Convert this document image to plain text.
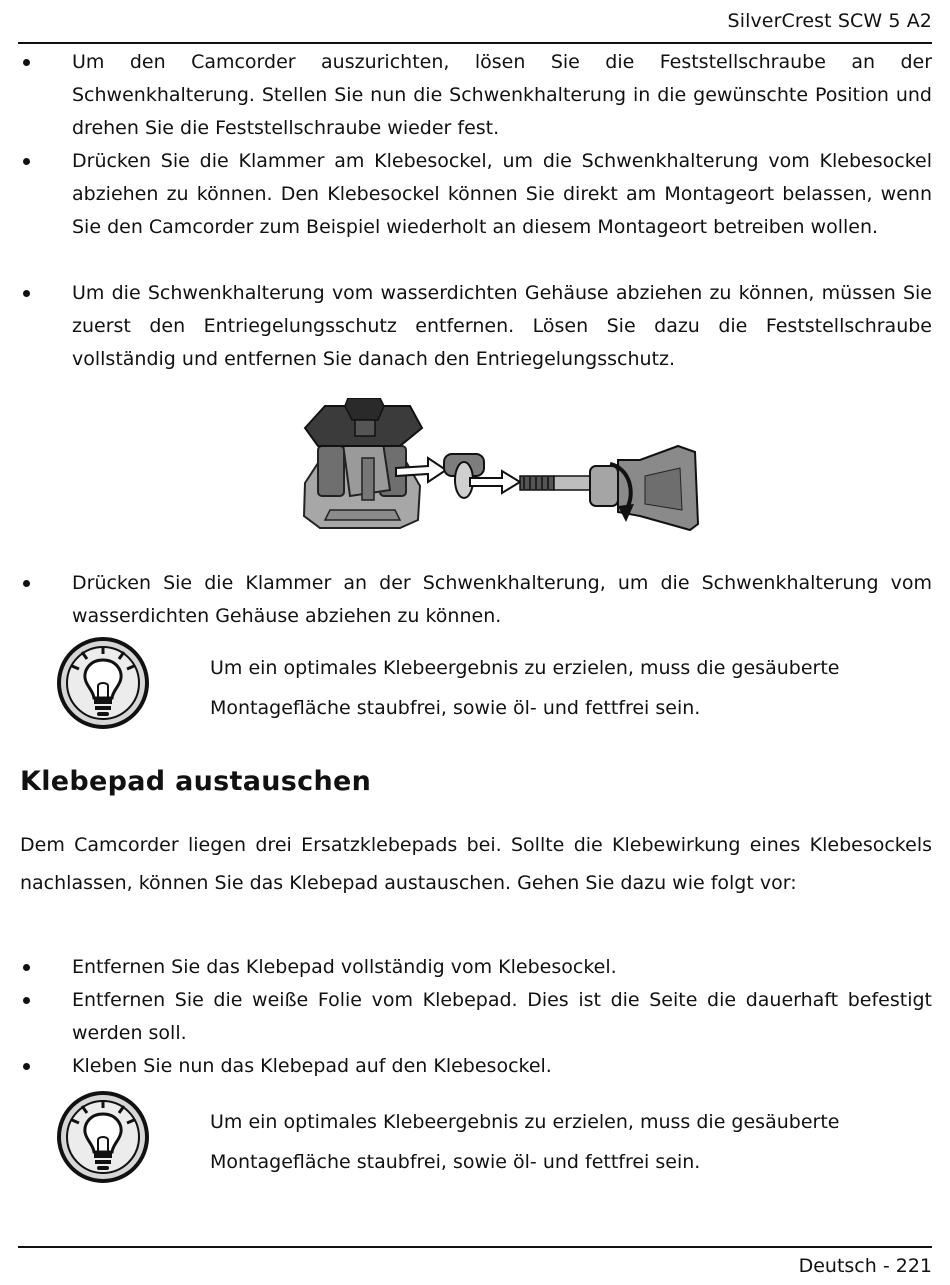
SilverCrest SCW 5 A2
Um den Camcorder auszurichten, lösen Sie die Feststellschraube an der Schwenkhalterung. Stellen Sie nun die Schwenkhalterung in die gewünschte Position und drehen Sie die Feststellschraube wieder fest.
Drücken Sie die Klammer am Klebesockel, um die Schwenkhalterung vom Klebesockel abziehen zu können. Den Klebesockel können Sie direkt am Montageort belassen, wenn Sie den Camcorder zum Beispiel wiederholt an diesem Montageort betreiben wollen.
Um die Schwenkhalterung vom wasserdichten Gehäuse abziehen zu können, müssen Sie zuerst den Entriegelungsschutz entfernen. Lösen Sie dazu die Feststellschraube vollständig und entfernen Sie danach den Entriegelungsschutz.
Drücken Sie die Klammer an der Schwenkhalterung, um die Schwenkhalterung vom wasserdichten Gehäuse abziehen zu können.
Um ein optimales Klebeergebnis zu erzielen, muss die gesäuberte Montagefläche staubfrei, sowie öl- und fettfrei sein.
Klebepad austauschen

Dem Camcorder liegen drei Ersatzklebepads bei. Sollte die Klebewirkung eines Klebesockels nachlassen, können Sie das Klebepad austauschen. Gehen Sie dazu wie folgt vor:

Entfernen Sie das Klebepad vollständig vom Klebesockel.
Entfernen Sie die weiße Folie vom Klebepad. Dies ist die Seite die dauerhaft befestigt werden soll.
Kleben Sie nun das Klebepad auf den Klebesockel.
Um ein optimales Klebeergebnis zu erzielen, muss die gesäuberte Montagefläche staubfrei, sowie öl- und fettfrei sein.
Deutsch - 221
